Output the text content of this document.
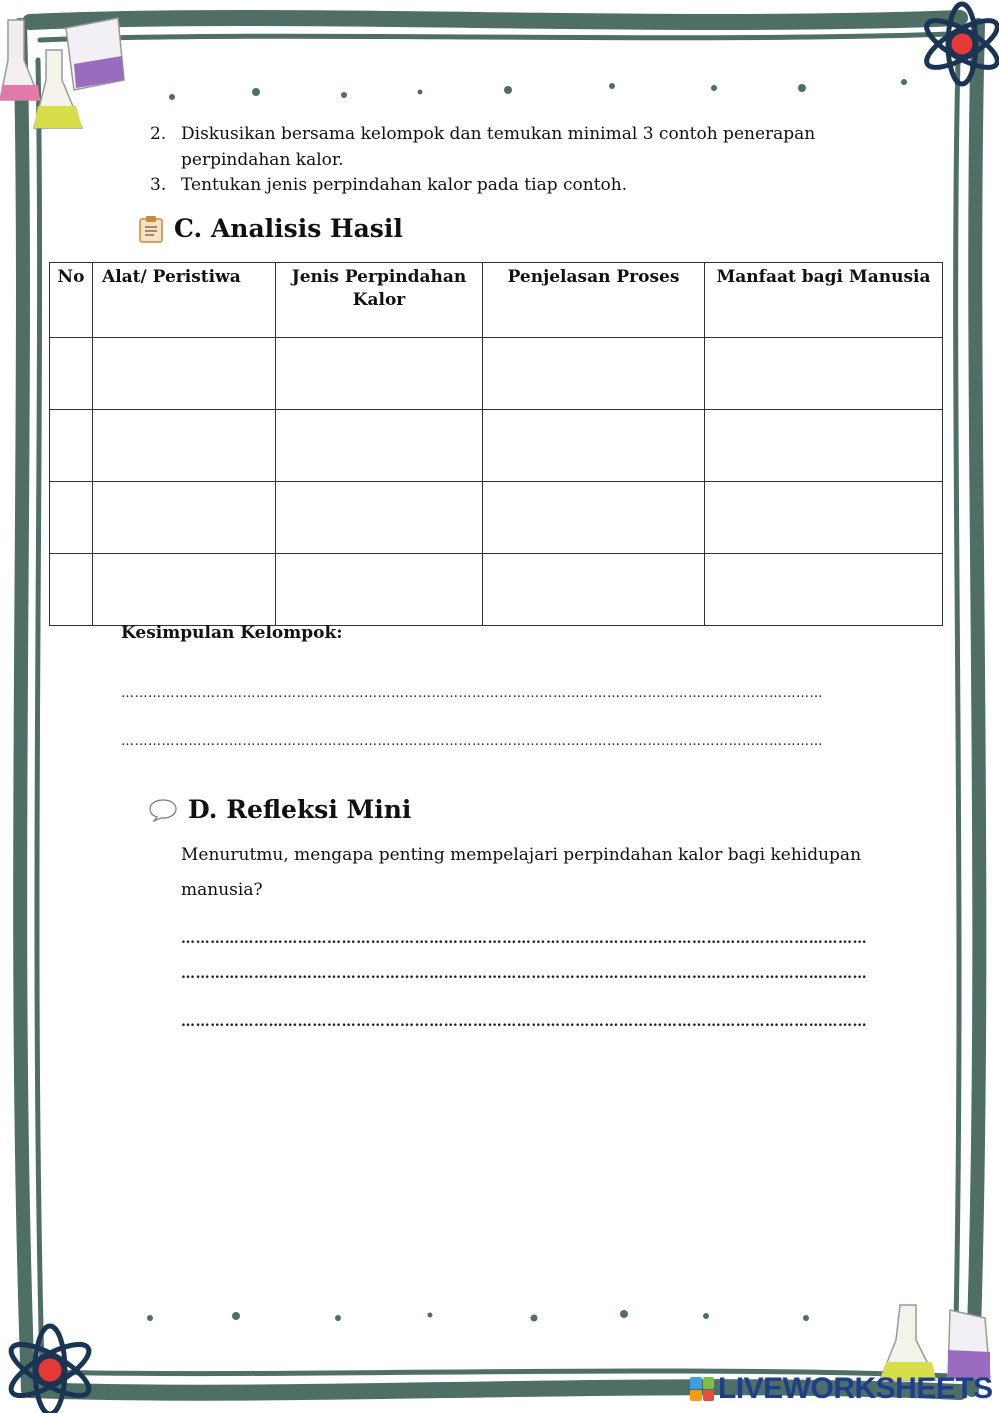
2. Diskusikan bersama kelompok dan temukan minimal 3 contoh penerapan perpindahan kalor.
3. Tentukan jenis perpindahan kalor pada tiap contoh.
C. Analisis Hasil
No	Alat/ Peristiwa	Jenis Perpindahan Kalor	Penjelasan Proses	Manfaat bagi Manusia

Kesimpulan Kelompok:
…………………………………………………………………………………………………………………………………………
…………………………………………………………………………………………………………………………………………
D. Refleksi Mini
Menurutmu, mengapa penting mempelajari perpindahan kalor bagi kehidupan manusia?
……………………………………………………………………………………………………………………………
……………………………………………………………………………………………………………………………
……………………………………………………………………………………………………………………………
LIVEWORKSHEETS
